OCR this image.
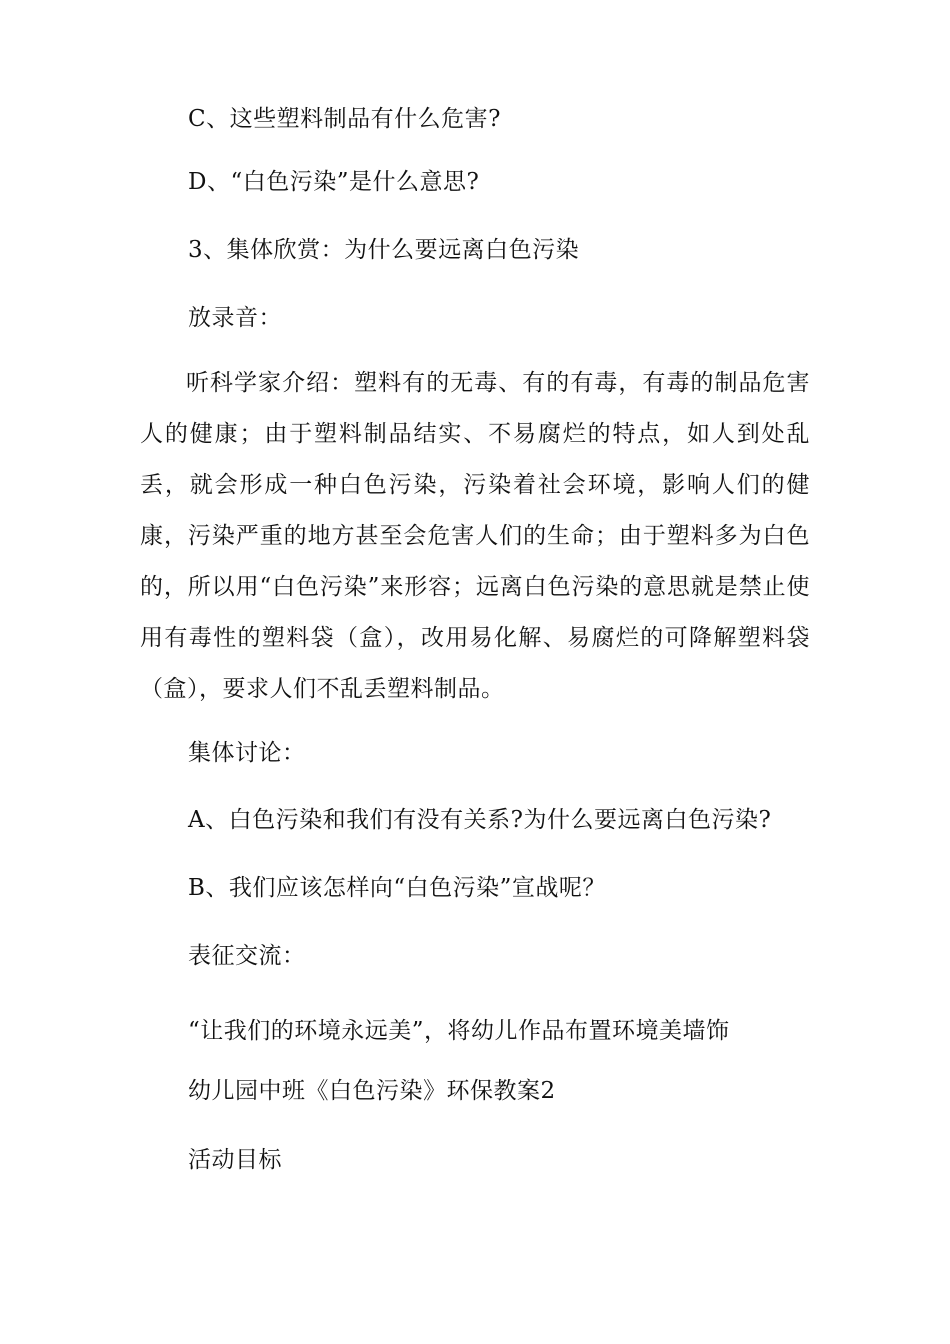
C、这些塑料制品有什么危害?
D、“白色污染”是什么意思?
3、集体欣赏：为什么要远离白色污染
放录音：
听科学家介绍：塑料有的无毒、有的有毒，有毒的制品危害人的健康；由于塑料制品结实、不易腐烂的特点，如人到处乱丢，就会形成一种白色污染，污染着社会环境，影响人们的健康，污染严重的地方甚至会危害人们的生命；由于塑料多为白色的，所以用“白色污染”来形容；远离白色污染的意思就是禁止使用有毒性的塑料袋（盒），改用易化解、易腐烂的可降解塑料袋（盒），要求人们不乱丢塑料制品。
集体讨论：
A、白色污染和我们有没有关系?为什么要远离白色污染?
B、我们应该怎样向“白色污染”宣战呢？
表征交流：
“让我们的环境永远美”，将幼儿作品布置环境美墙饰
幼儿园中班《白色污染》环保教案2
活动目标
